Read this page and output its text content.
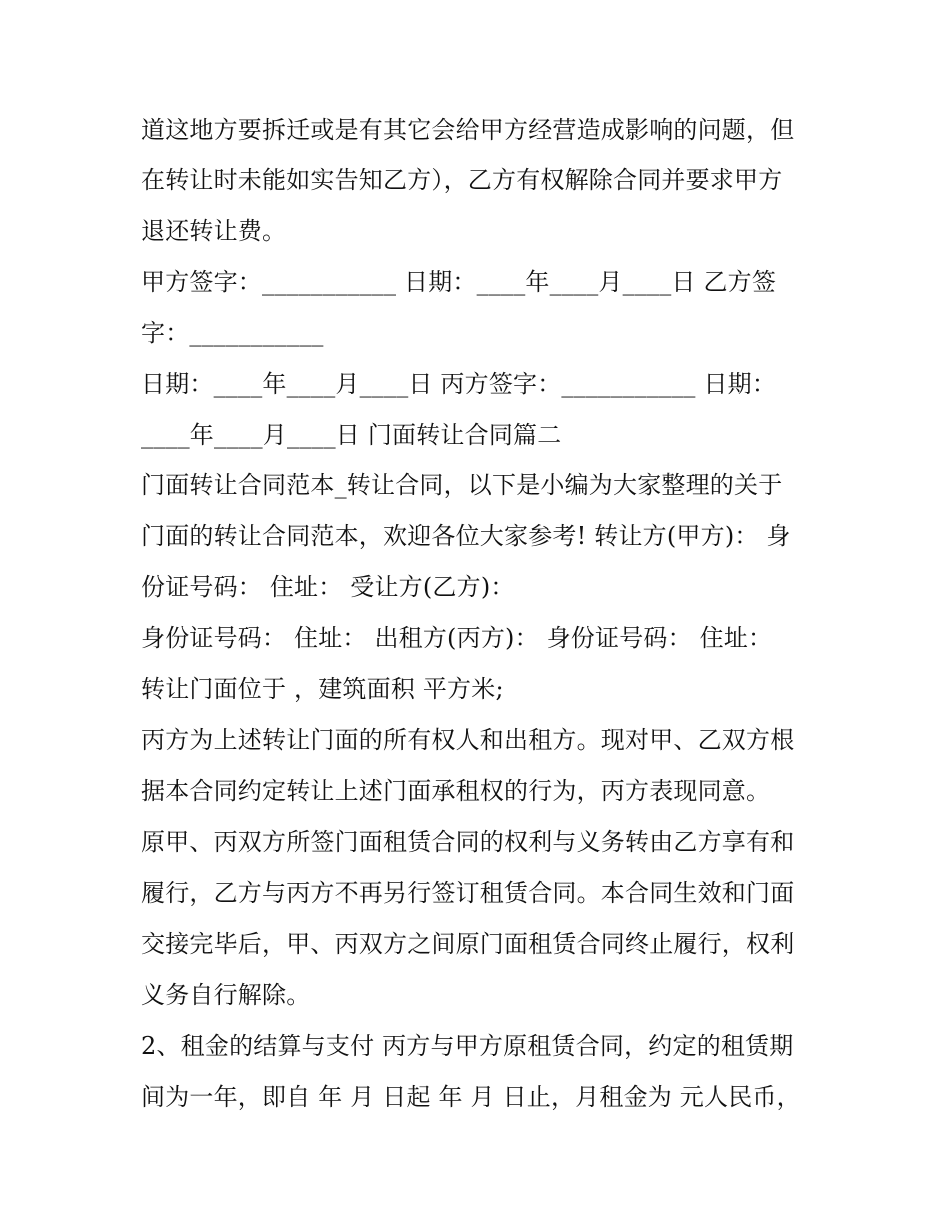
道这地方要拆迁或是有其它会给甲方经营造成影响的问题，但
在转让时未能如实告知乙方），乙方有权解除合同并要求甲方
退还转让费。
甲方签字：___________ 日期：____年____月____日 乙方签
字：___________
日期：____年____月____日 丙方签字：___________ 日期：
____年____月____日 门面转让合同篇二
门面转让合同范本_转让合同，以下是小编为大家整理的关于
门面的转让合同范本，欢迎各位大家参考! 转让方(甲方)： 身
份证号码： 住址： 受让方(乙方)：
身份证号码： 住址： 出租方(丙方)： 身份证号码： 住址：
转让门面位于 ，建筑面积 平方米;
丙方为上述转让门面的所有权人和出租方。现对甲、乙双方根
据本合同约定转让上述门面承租权的行为，丙方表现同意。
原甲、丙双方所签门面租赁合同的权利与义务转由乙方享有和
履行，乙方与丙方不再另行签订租赁合同。本合同生效和门面
交接完毕后，甲、丙双方之间原门面租赁合同终止履行，权利
义务自行解除。
2、租金的结算与支付 丙方与甲方原租赁合同，约定的租赁期
间为一年，即自 年 月 日起 年 月 日止，月租金为 元人民币，
